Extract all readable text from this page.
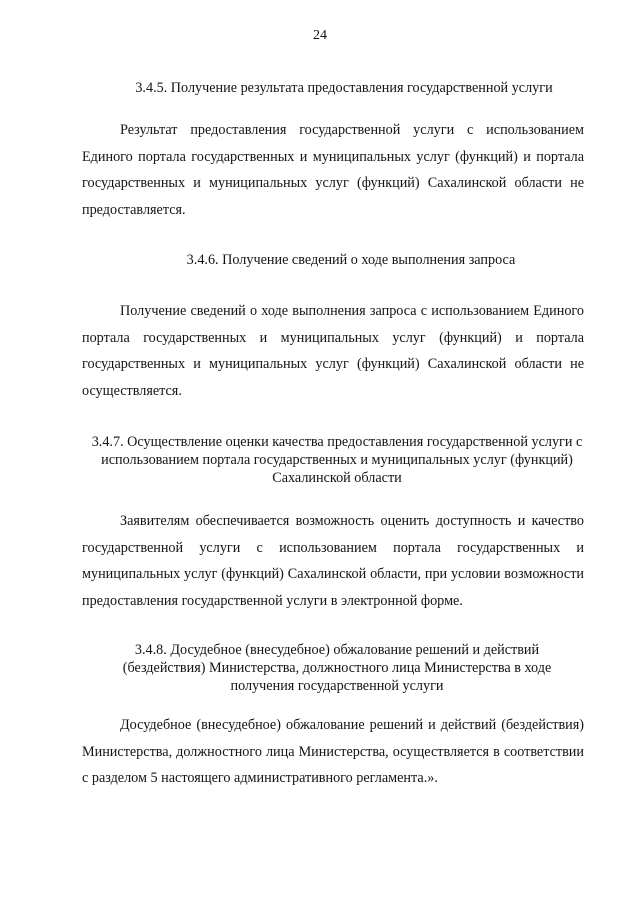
24
3.4.5. Получение результата предоставления государственной услуги
Результат предоставления государственной услуги с использованием Единого портала государственных и муниципальных услуг (функций) и портала государственных и муниципальных услуг (функций) Сахалинской области не предоставляется.
3.4.6. Получение сведений о ходе выполнения запроса
Получение сведений о ходе выполнения запроса с использованием Единого портала государственных и муниципальных услуг (функций) и портала государственных и муниципальных услуг (функций) Сахалинской области не осуществляется.
3.4.7. Осуществление оценки качества предоставления государственной услуги с использованием портала государственных и муниципальных услуг (функций) Сахалинской области
Заявителям обеспечивается возможность оценить доступность и качество государственной услуги с использованием портала государственных и муниципальных услуг (функций) Сахалинской области, при условии возможности предоставления государственной услуги в электронной форме.
3.4.8. Досудебное (внесудебное) обжалование решений и действий (бездействия) Министерства, должностного лица Министерства в ходе получения государственной услуги
Досудебное (внесудебное) обжалование решений и действий (бездействия) Министерства, должностного лица Министерства, осуществляется в соответствии с разделом 5 настоящего административного регламента.».
